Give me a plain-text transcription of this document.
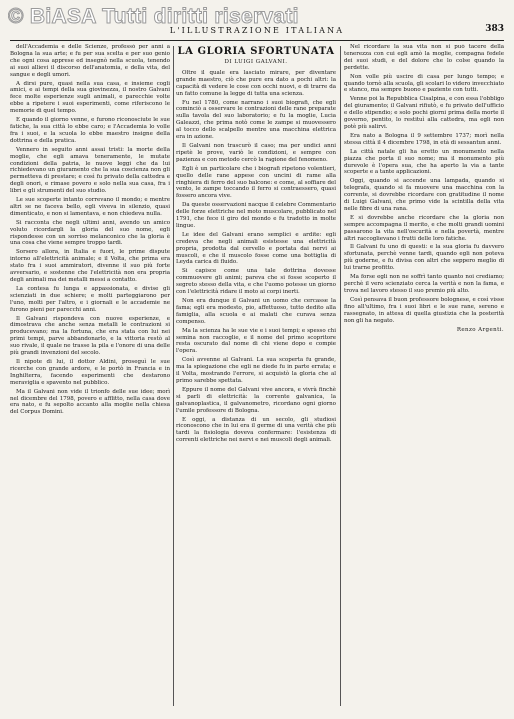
© BiASA Tutti diritti riservati
L'ILLUSTRAZIONE ITALIANA	383

dell'Accademia e delle Scienze, professò per anni a Bologna la sua arte; e fu per sua scelta e per suo genio che ogni cosa apprese ed insegnò nella scuola, tenendo ai suoi allievi il discorso dell'anatomia, e della vita, del sangue e degli umori.

A dirsi pure, quasi nella sua casa, e insieme cogli amici, e ai tempi della sua giovinezza, il nostro Galvani fece molte esperienze sugli animali, e parecchie volte ebbe a ripetere i suoi esperimenti, come riferiscono le memorie di quel tempo.

E quando il giorno venne, e furono riconosciute le sue fatiche, la sua città lo ebbe caro; e l'Accademia lo volle fra i suoi, e la scuola lo ebbe maestro insigne della dottrina e della pratica.

Vennero in seguito anni assai tristi: la morte della moglie, che egli amava teneramente, le mutate condizioni della patria, le nuove leggi che da lui richiedevano un giuramento che la sua coscienza non gli permetteva di prestare; e così fu privato della cattedra e degli onori, e rimase povero e solo nella sua casa, fra i libri e gli strumenti del suo studio.

Le sue scoperte intanto correvano il mondo; e mentre altri se ne faceva bello, egli viveva in silenzio, quasi dimenticato, e non si lamentava, e non chiedeva nulla.

Si racconta che negli ultimi anni, avendo un amico voluto ricordargli la gloria del suo nome, egli rispondesse con un sorriso melanconico che la gloria è una cosa che viene sempre troppo tardi.

Sorsero allora, in Italia e fuori, le prime dispute intorno all'elettricità animale; e il Volta, che prima era stato fra i suoi ammiratori, divenne il suo più forte avversario, e sostenne che l'elettricità non era propria degli animali ma dei metalli messi a contatto.

La contesa fu lunga e appassionata, e divise gli scienziati in due schiere; e molti parteggiarono per l'uno, molti per l'altro, e i giornali e le accademie ne furono pieni per parecchi anni.

Il Galvani rispondeva con nuove esperienze, e dimostrava che anche senza metalli le contrazioni si producevano; ma la fortuna, che era stata con lui nei primi tempi, parve abbandonarlo, e la vittoria restò al suo rivale, il quale ne trasse la pila e l'onore di una delle più grandi invenzioni del secolo.

Il nipote di lui, il dottor Aldini, proseguì le sue ricerche con grande ardore, e le portò in Francia e in Inghilterra, facendo esperimenti che destarono meraviglia e spavento nel pubblico.

Ma il Galvani non vide il trionfo delle sue idee; morì nel dicembre del 1798, povero e afflitto, nella casa dove era nato, e fu sepolto accanto alla moglie nella chiesa del Corpus Domini.

LA GLORIA SFORTUNATA
DI LUIGI GALVANI.

Oltre il quale era lasciato mirare, per diventare grande maestro, ciò che pure era dato a pochi altri: la capacità di vedere le cose con occhi nuovi, e di trarre da un fatto comune la legge di tutta una scienza.

Fu nel 1780, come narrano i suoi biografi, che egli cominciò a osservare le contrazioni delle rane preparate sulla tavola del suo laboratorio; e fu la moglie, Lucia Galeazzi, che prima notò come le zampe si muovessero al tocco dello scalpello mentre una macchina elettrica era in azione.

Il Galvani non trascurò il caso; ma per undici anni ripetè le prove, variò le condizioni, e sempre con pazienza e con metodo cercò la ragione del fenomeno.

Egli è un particolare che i biografi ripetono volentieri, quello delle rane appese con uncini di rame alla ringhiera di ferro del suo balcone: e come, al soffiare del vento, le zampe toccando il ferro si contraessero, quasi fossero ancora vive.

Da queste osservazioni nacque il celebre Commentario delle forze elettriche nel moto muscolare, pubblicato nel 1791, che fece il giro del mondo e fu tradotto in molte lingue.

Le idee del Galvani erano semplici e ardite: egli credeva che negli animali esistesse una elettricità propria, prodotta dal cervello e portata dai nervi ai muscoli, e che il muscolo fosse come una bottiglia di Leyda carica di fluido.

Si capisce come una tale dottrina dovesse commuovere gli animi; pareva che si fosse scoperto il segreto stesso della vita, e che l'uomo potesse un giorno con l'elettricità ridare il moto ai corpi inerti.

Non era dunque il Galvani un uomo che cercasse la fama; egli era modesto, pio, affettuoso, tutto dedito alla famiglia, alla scuola e ai malati che curava senza compenso.

Ma la scienza ha le sue vie e i suoi tempi; e spesso chi semina non raccoglie, e il nome del primo scopritore resta oscurato dal nome di chi viene dopo e compie l'opera.

Così avvenne al Galvani. La sua scoperta fu grande, ma la spiegazione che egli ne diede fu in parte errata; e il Volta, mostrando l'errore, si acquistò la gloria che al primo sarebbe spettata.

Eppure il nome del Galvani vive ancora, e vivrà finchè si parli di elettricità: la corrente galvanica, la galvanoplastica, il galvanometro, ricordano ogni giorno l'umile professore di Bologna.

E oggi, a distanza di un secolo, gli studiosi riconoscono che in lui era il germe di una verità che più tardi la fisiologia doveva confermare: l'esistenza di correnti elettriche nei nervi e nei muscoli degli animali.

Nel ricordare la sua vita non si può tacere della tenerezza con cui egli amò la moglie, compagna fedele dei suoi studi, e del dolore che lo colse quando la perdette.

Non volle più uscire di casa per lungo tempo; e quando tornò alla scuola, gli scolari lo videro invecchiato e stanco, ma sempre buono e paziente con tutti.

Venne poi la Repubblica Cisalpina, e con essa l'obbligo del giuramento; il Galvani rifiutò, e fu privato dell'ufficio e dello stipendio; e solo pochi giorni prima della morte il governo, pentito, lo restituì alla cattedra, ma egli non potè più salirvi.

Era nato a Bologna il 9 settembre 1737; morì nella stessa città il 4 dicembre 1798, in età di sessantun anni.

La città natale gli ha eretto un monumento nella piazza che porta il suo nome; ma il monumento più durevole è l'opera sua, che ha aperto la via a tante scoperte e a tante applicazioni.

Oggi, quando si accende una lampada, quando si telegrafa, quando si fa muovere una macchina con la corrente, si dovrebbe ricordare con gratitudine il nome di Luigi Galvani, che primo vide la scintilla della vita nelle fibre di una rana.

E si dovrebbe anche ricordare che la gloria non sempre accompagna il merito, e che molti grandi uomini passarono la vita nell'oscurità e nella povertà, mentre altri raccoglievano i frutti delle loro fatiche.

Il Galvani fu uno di questi: e la sua gloria fu davvero sfortunata, perchè venne tardi, quando egli non poteva più goderne, e fu divisa con altri che seppero meglio di lui trarne profitto.

Ma forse egli non ne soffrì tanto quanto noi crediamo; perchè il vero scienziato cerca la verità e non la fama, e trova nel lavoro stesso il suo premio più alto.

Così pensava il buon professore bolognese, e così visse fino all'ultimo, fra i suoi libri e le sue rane, sereno e rassegnato, in attesa di quella giustizia che la posterità non gli ha negato.

Renzo Argenti.
